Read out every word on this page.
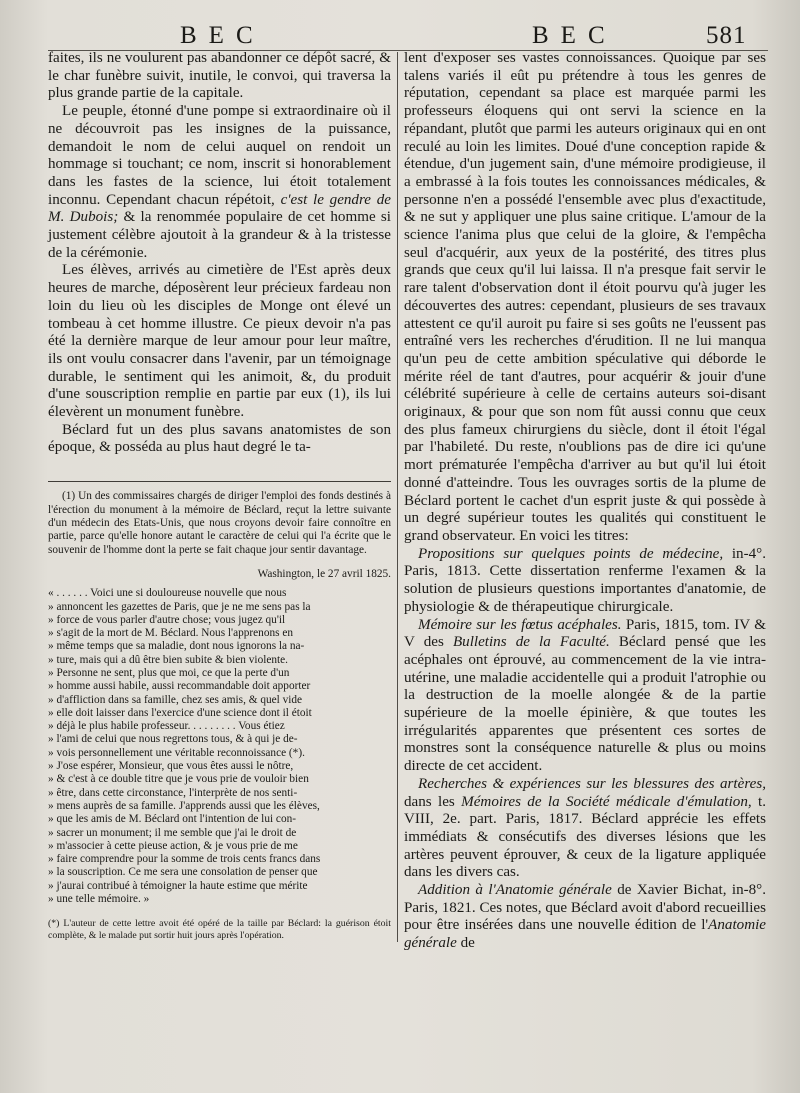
BEC	BEC	581

faites, ils ne voulurent pas abandonner ce dépôt sacré, & le char funèbre suivit, inutile, le convoi, qui traversa la plus grande partie de la capitale.

Le peuple, étonné d'une pompe si extraordinaire où il ne découvroit pas les insignes de la puissance, demandoit le nom de celui auquel on rendoit un hommage si touchant; ce nom, inscrit si honorablement dans les fastes de la science, lui étoit totalement inconnu. Cependant chacun répétoit, c'est le gendre de M. Dubois; & la renommée populaire de cet homme si justement célèbre ajoutoit à la grandeur & à la tristesse de la cérémonie.

Les élèves, arrivés au cimetière de l'Est après deux heures de marche, déposèrent leur précieux fardeau non loin du lieu où les disciples de Monge ont élevé un tombeau à cet homme illustre. Ce pieux devoir n'a pas été la dernière marque de leur amour pour leur maître, ils ont voulu consacrer dans l'avenir, par un témoignage durable, le sentiment qui les animoit, &, du produit d'une souscription remplie en partie par eux (1), ils lui élevèrent un monument funèbre.

Béclard fut un des plus savans anatomistes de son époque, & posséda au plus haut degré le ta-

(1) Un des commissaires chargés de diriger l'emploi des fonds destinés à l'érection du monument à la mémoire de Béclard, reçut la lettre suivante d'un médecin des Etats-Unis, que nous croyons devoir faire connoître en partie, parce qu'elle honore autant le caractère de celui qui l'a écrite que le souvenir de l'homme dont la perte se fait chaque jour sentir davantage.

Washington, le 27 avril 1825.

« . . . . . . Voici une si douloureuse nouvelle que nous

» annoncent les gazettes de Paris, que je ne me sens pas la

» force de vous parler d'autre chose; vous jugez qu'il

» s'agit de la mort de M. Béclard. Nous l'apprenons en

» même temps que sa maladie, dont nous ignorons la na-

» ture, mais qui a dû être bien subite & bien violente.

» Personne ne sent, plus que moi, ce que la perte d'un

» homme aussi habile, aussi recommandable doit apporter

» d'affliction dans sa famille, chez ses amis, & quel vide

» elle doit laisser dans l'exercice d'une science dont il étoit

» déjà le plus habile professeur. . . . . . . . . Vous étiez

» l'ami de celui que nous regrettons tous, & à qui je de-

» vois personnellement une véritable reconnoissance (*).

» J'ose espérer, Monsieur, que vous êtes aussi le nôtre,

» & c'est à ce double titre que je vous prie de vouloir bien

» être, dans cette circonstance, l'interprète de nos senti-

» mens auprès de sa famille. J'apprends aussi que les élèves,

» que les amis de M. Béclard ont l'intention de lui con-

» sacrer un monument; il me semble que j'ai le droit de

» m'associer à cette pieuse action, & je vous prie de me

» faire comprendre pour la somme de trois cents francs dans

» la souscription. Ce me sera une consolation de penser que

» j'aurai contribué à témoigner la haute estime que mérite

» une telle mémoire. »

(*) L'auteur de cette lettre avoit été opéré de la taille par Béclard: la guérison étoit complète, & le malade put sortir huit jours après l'opération.

lent d'exposer ses vastes connoissances. Quoique par ses talens variés il eût pu prétendre à tous les genres de réputation, cependant sa place est marquée parmi les professeurs éloquens qui ont servi la science en la répandant, plutôt que parmi les auteurs originaux qui en ont reculé au loin les limites. Doué d'une conception rapide & étendue, d'un jugement sain, d'une mémoire prodigieuse, il a embrassé à la fois toutes les connoissances médicales, & personne n'en a possédé l'ensemble avec plus d'exactitude, & ne sut y appliquer une plus saine critique. L'amour de la science l'anima plus que celui de la gloire, & l'empêcha seul d'acquérir, aux yeux de la postérité, des titres plus grands que ceux qu'il lui laissa. Il n'a presque fait servir le rare talent d'observation dont il étoit pourvu qu'à juger les découvertes des autres: cependant, plusieurs de ses travaux attestent ce qu'il auroit pu faire si ses goûts ne l'eussent pas entraîné vers les recherches d'érudition. Il ne lui manqua qu'un peu de cette ambition spéculative qui déborde le mérite réel de tant d'autres, pour acquérir & jouir d'une célébrité supérieure à celle de certains auteurs soi-disant originaux, & pour que son nom fût aussi connu que ceux des plus fameux chirurgiens du siècle, dont il étoit l'égal par l'habileté. Du reste, n'oublions pas de dire ici qu'une mort prématurée l'empêcha d'arriver au but qu'il lui étoit donné d'atteindre. Tous les ouvrages sortis de la plume de Béclard portent le cachet d'un esprit juste & qui possède à un degré supérieur toutes les qualités qui constituent le grand observateur. En voici les titres:

Propositions sur quelques points de médecine, in-4°. Paris, 1813. Cette dissertation renferme l'examen & la solution de plusieurs questions importantes d'anatomie, de physiologie & de thérapeutique chirurgicale.

Mémoire sur les fœtus acéphales. Paris, 1815, tom. IV & V des Bulletins de la Faculté. Béclard pensé que les acéphales ont éprouvé, au commencement de la vie intra-utérine, une maladie accidentelle qui a produit l'atrophie ou la destruction de la moelle alongée & de la partie supérieure de la moelle épinière, & que toutes les irrégularités apparentes que présentent ces sortes de monstres sont la conséquence naturelle & plus ou moins directe de cet accident.

Recherches & expériences sur les blessures des artères, dans les Mémoires de la Société médicale d'émulation, t. VIII, 2e. part. Paris, 1817. Béclard apprécie les effets immédiats & consécutifs des diverses lésions que les artères peuvent éprouver, & ceux de la ligature appliquée dans les divers cas.

Addition à l'Anatomie générale de Xavier Bichat, in-8°. Paris, 1821. Ces notes, que Béclard avoit d'abord recueillies pour être insérées dans une nouvelle édition de l'Anatomie générale de
